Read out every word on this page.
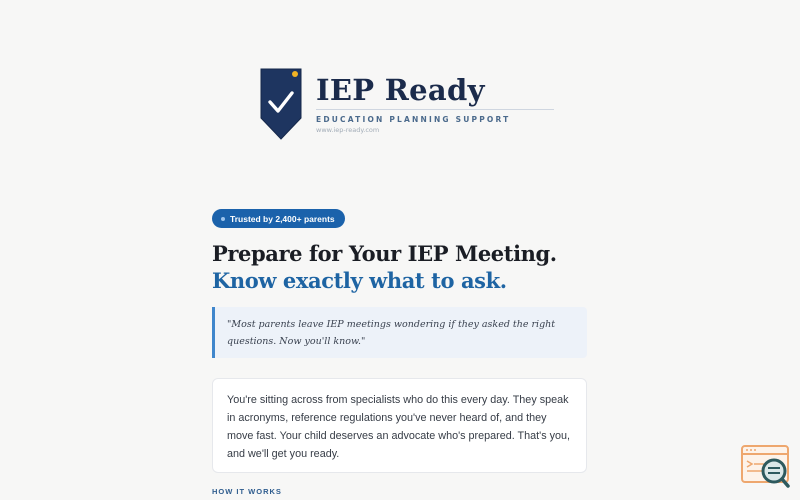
IEP Ready
EDUCATION PLANNING SUPPORT
www.iep-ready.com
Trusted by 2,400+ parents
Prepare for Your IEP Meeting.
Know exactly what to ask.
"Most parents leave IEP meetings wondering if they asked the right questions. Now you'll know."

You're sitting across from specialists who do this every day. They speak in acronyms, reference regulations you've never heard of, and they move fast. Your child deserves an advocate who's prepared. That's you, and we'll get you ready.

HOW IT WORKS
